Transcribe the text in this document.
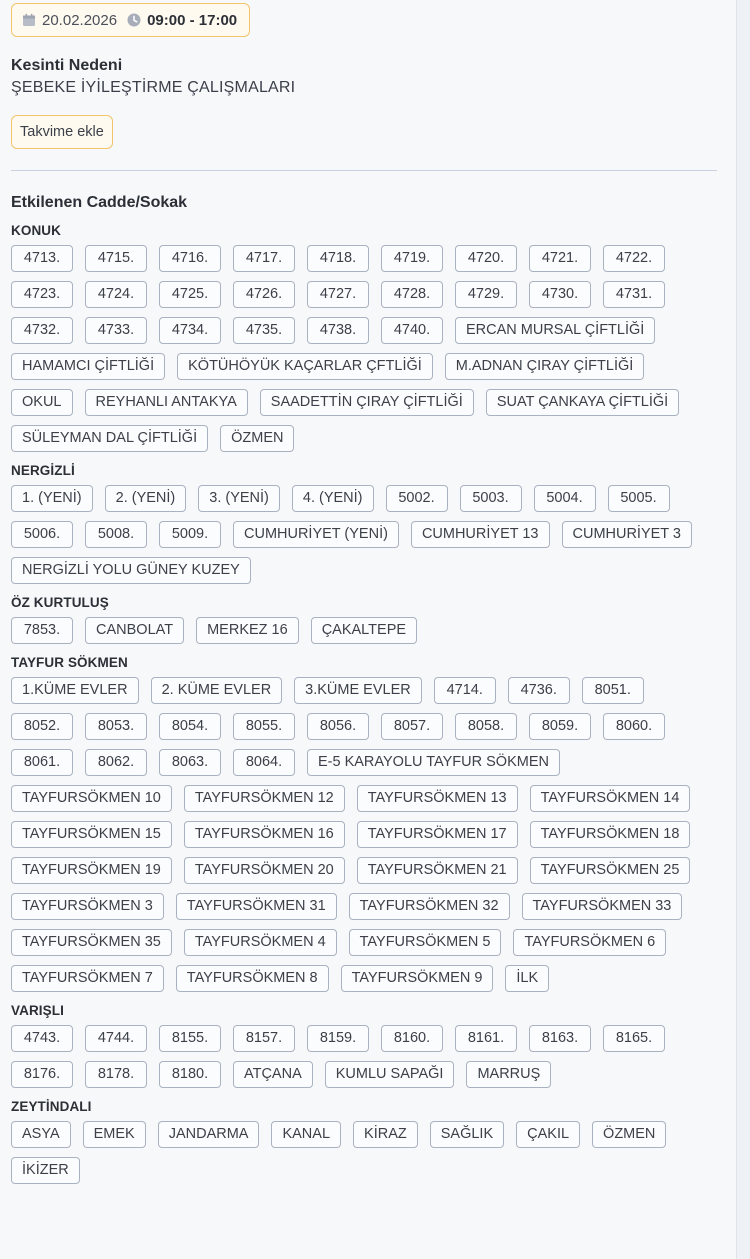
20.02.2026 09:00 - 17:00
Kesinti Nedeni
ŞEBEKE İYİLEŞTİRME ÇALIŞMALARI
Takvime ekle
Etkilenen Cadde/Sokak
KONUK
4713.	4715.	4716.	4717.	4718.	4719.	4720.	4721.	4722.
4723.	4724.	4725.	4726.	4727.	4728.	4729.	4730.	4731.
4732.	4733.	4734.	4735.	4738.	4740.	ERCAN MURSAL ÇİFTLİĞİ
HAMAMCI ÇİFTLİĞİ	KÖTÜHÖYÜK KAÇARLAR ÇFTLİĞİ	M.ADNAN ÇIRAY ÇİFTLİĞİ
OKUL	REYHANLI ANTAKYA	SAADETTİN ÇIRAY ÇİFTLİĞİ	SUAT ÇANKAYA ÇİFTLİĞİ
SÜLEYMAN DAL ÇİFTLİĞİ	ÖZMEN
NERGİZLİ
1. (YENİ)	2. (YENİ)	3. (YENİ)	4. (YENİ)	5002.	5003.	5004.	5005.
5006.	5008.	5009.	CUMHURİYET (YENİ)	CUMHURİYET 13	CUMHURİYET 3
NERGİZLİ YOLU GÜNEY KUZEY
ÖZ KURTULUŞ
7853.	CANBOLAT	MERKEZ 16	ÇAKALTEPE
TAYFUR SÖKMEN
1.KÜME EVLER	2. KÜME EVLER	3.KÜME EVLER	4714.	4736.	8051.
8052.	8053.	8054.	8055.	8056.	8057.	8058.	8059.	8060.
8061.	8062.	8063.	8064.	E-5 KARAYOLU TAYFUR SÖKMEN
TAYFURSÖKMEN 10	TAYFURSÖKMEN 12	TAYFURSÖKMEN 13	TAYFURSÖKMEN 14
TAYFURSÖKMEN 15	TAYFURSÖKMEN 16	TAYFURSÖKMEN 17	TAYFURSÖKMEN 18
TAYFURSÖKMEN 19	TAYFURSÖKMEN 20	TAYFURSÖKMEN 21	TAYFURSÖKMEN 25
TAYFURSÖKMEN 3	TAYFURSÖKMEN 31	TAYFURSÖKMEN 32	TAYFURSÖKMEN 33
TAYFURSÖKMEN 35	TAYFURSÖKMEN 4	TAYFURSÖKMEN 5	TAYFURSÖKMEN 6
TAYFURSÖKMEN 7	TAYFURSÖKMEN 8	TAYFURSÖKMEN 9	İLK
VARIŞLI
4743.	4744.	8155.	8157.	8159.	8160.	8161.	8163.	8165.
8176.	8178.	8180.	ATÇANA	KUMLU SAPAĞI	MARRUŞ
ZEYTİNDALI
ASYA	EMEK	JANDARMA	KANAL	KİRAZ	SAĞLIK	ÇAKIL	ÖZMEN
İKİZER
